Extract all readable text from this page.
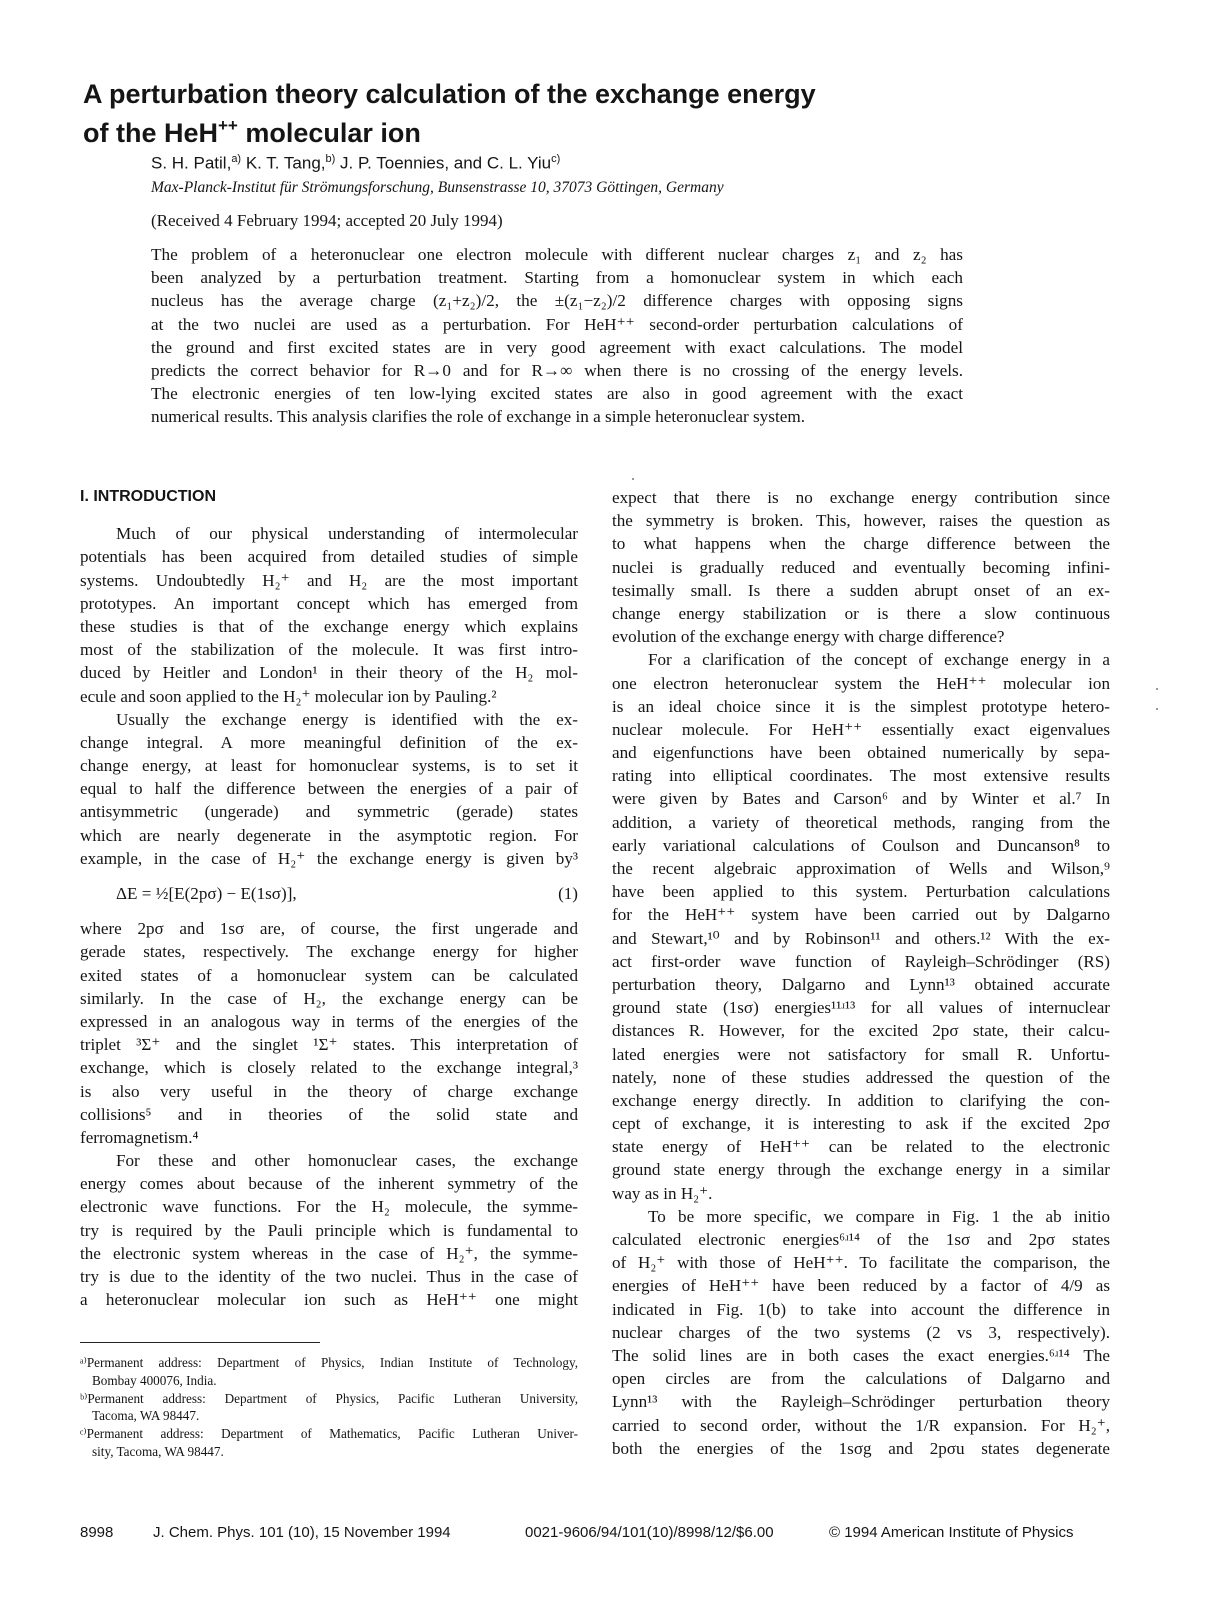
A perturbation theory calculation of the exchange energy
of the HeH++ molecular ion

S. H. Patil,$^{a)}$ K. T. Tang,$^{b)}$ J. P. Toennies, and C. L. Yiu$^{c)}$

Max-Planck-Institut für Strömungsforschung, Bunsenstrasse 10, 37073 Göttingen, Germany

(Received 4 February 1994; accepted 20 July 1994)

The problem of a heteronuclear one electron molecule with different nuclear charges z₁ and z₂ has
been analyzed by a perturbation treatment. Starting from a homonuclear system in which each
nucleus has the average charge (z₁+z₂)/2, the ±(z₁−z₂)/2 difference charges with opposing signs
at the two nuclei are used as a perturbation. For HeH⁺⁺ second-order perturbation calculations of
the ground and first excited states are in very good agreement with exact calculations. The model
predicts the correct behavior for R→0 and for R→∞ when there is no crossing of the energy levels.
The electronic energies of ten low-lying excited states are also in good agreement with the exact
numerical results. This analysis clarifies the role of exchange in a simple heteronuclear system.
I. INTRODUCTION
Much of our physical understanding of intermolecular
potentials has been acquired from detailed studies of simple
systems. Undoubtedly H₂⁺ and H₂ are the most important
prototypes. An important concept which has emerged from
these studies is that of the exchange energy which explains
most of the stabilization of the molecule. It was first intro-
duced by Heitler and London¹ in their theory of the H₂ mol-
ecule and soon applied to the H₂⁺ molecular ion by Pauling.²
Usually the exchange energy is identified with the ex-
change integral. A more meaningful definition of the ex-
change energy, at least for homonuclear systems, is to set it
equal to half the difference between the energies of a pair of
antisymmetric (ungerade) and symmetric (gerade) states
which are nearly degenerate in the asymptotic region. For
example, in the case of H₂⁺ the exchange energy is given by³
ΔE = ½[E(2pσ) − E(1sσ)],	(1)
where 2pσ and 1sσ are, of course, the first ungerade and
gerade states, respectively. The exchange energy for higher
exited states of a homonuclear system can be calculated
similarly. In the case of H₂, the exchange energy can be
expressed in an analogous way in terms of the energies of the
triplet ³Σ⁺ and the singlet ¹Σ⁺ states. This interpretation of
exchange, which is closely related to the exchange integral,³
is also very useful in the theory of charge exchange
collisions⁵ and in theories of the solid state and
ferromagnetism.⁴
For these and other homonuclear cases, the exchange
energy comes about because of the inherent symmetry of the
electronic wave functions. For the H₂ molecule, the symme-
try is required by the Pauli principle which is fundamental to
the electronic system whereas in the case of H₂⁺, the symme-
try is due to the identity of the two nuclei. Thus in the case of
a heteronuclear molecular ion such as HeH⁺⁺ one might
expect that there is no exchange energy contribution since
the symmetry is broken. This, however, raises the question as
to what happens when the charge difference between the
nuclei is gradually reduced and eventually becoming infini-
tesimally small. Is there a sudden abrupt onset of an ex-
change energy stabilization or is there a slow continuous
evolution of the exchange energy with charge difference?
For a clarification of the concept of exchange energy in a
one electron heteronuclear system the HeH⁺⁺ molecular ion
is an ideal choice since it is the simplest prototype hetero-
nuclear molecule. For HeH⁺⁺ essentially exact eigenvalues
and eigenfunctions have been obtained numerically by sepa-
rating into elliptical coordinates. The most extensive results
were given by Bates and Carson⁶ and by Winter et al.⁷ In
addition, a variety of theoretical methods, ranging from the
early variational calculations of Coulson and Duncanson⁸ to
the recent algebraic approximation of Wells and Wilson,⁹
have been applied to this system. Perturbation calculations
for the HeH⁺⁺ system have been carried out by Dalgarno
and Stewart,¹⁰ and by Robinson¹¹ and others.¹² With the ex-
act first-order wave function of Rayleigh–Schrödinger (RS)
perturbation theory, Dalgarno and Lynn¹³ obtained accurate
ground state (1sσ) energies¹¹ʴ¹³ for all values of internuclear
distances R. However, for the excited 2pσ state, their calcu-
lated energies were not satisfactory for small R. Unfortu-
nately, none of these studies addressed the question of the
exchange energy directly. In addition to clarifying the con-
cept of exchange, it is interesting to ask if the excited 2pσ
state energy of HeH⁺⁺ can be related to the electronic
ground state energy through the exchange energy in a similar
way as in H₂⁺.
To be more specific, we compare in Fig. 1 the ab initio
calculated electronic energies⁶ʴ¹⁴ of the 1sσ and 2pσ states
of H₂⁺ with those of HeH⁺⁺. To facilitate the comparison, the
energies of HeH⁺⁺ have been reduced by a factor of 4/9 as
indicated in Fig. 1(b) to take into account the difference in
nuclear charges of the two systems (2 vs 3, respectively).
The solid lines are in both cases the exact energies.⁶ʴ¹⁴ The
open circles are from the calculations of Dalgarno and
Lynn¹³ with the Rayleigh–Schrödinger perturbation theory
carried to second order, without the 1/R expansion. For H₂⁺,
both the energies of the 1sσg and 2pσu states degenerate
ᵃ⁾Permanent address: Department of Physics, Indian Institute of Technology,
Bombay 400076, India.
ᵇ⁾Permanent address: Department of Physics, Pacific Lutheran University,
Tacoma, WA 98447.
ᶜ⁾Permanent address: Department of Mathematics, Pacific Lutheran Univer-
sity, Tacoma, WA 98447.
8998	J. Chem. Phys. 101 (10), 15 November 1994	0021-9606/94/101(10)/8998/12/$6.00	© 1994 American Institute of Physics
